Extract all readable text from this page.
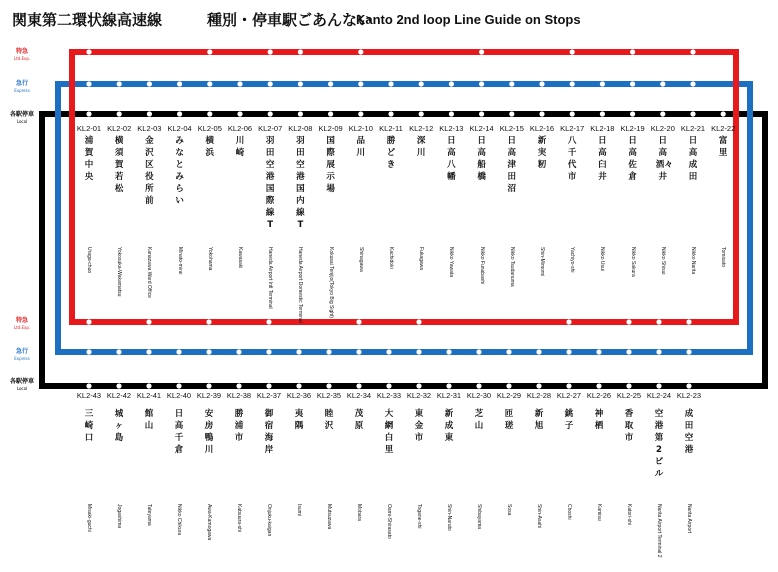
関東第二環状線高速線	種別・停車駅ごあんない
Kanto 2nd loop Line Guide on Stops
特急
Ltd.Exp.
急行
Express
各駅停車
Local
特急
Ltd.Exp.
急行
Express
各駅停車
Local
KL2-01
浦賀中央
Uraga-chuo
KL2-02
横須賀若松
Yokosuka-Wakamatsu
KL2-03
金沢区役所前
Kanazawa Ward Office
KL2-04
みなとみらい
Minato-mirai
KL2-05
横浜
Yokohama
KL2-06
川崎
Kawasaki
KL2-07
羽田空港国際線T
Haneda Airport Intl Terminal
KL2-08
羽田空港国内線T
Haneda Airport Domestic Terminal
KL2-09
国際展示場
Kokusai Tenjijo(Tokyo Big Sight)
KL2-10
品川
Shinagawa
KL2-11
勝どき
Kachidoki
KL2-12
深川
Fukagawa
KL2-13
日高八幡
Nikko Yawata
KL2-14
日高船橋
Nikko Funabashi
KL2-15
日高津田沼
Nikko Tsudanuma
KL2-16
新実籾
Shin-Mimomi
KL2-17
八千代市
Yachiyo-shi
KL2-18
日高臼井
Nikko Usui
KL2-19
日高佐倉
Nikko Sakura
KL2-20
日高酒々井
Nikko Shisui
KL2-21
日高成田
Nikko Narita
KL2-22
富里
Tomisato
KL2-43
三崎口
Misaki-guchi
KL2-42
城ヶ島
Jogashima
KL2-41
館山
Tateyama
KL2-40
日高千倉
Nikko Chikura
KL2-39
安房鴨川
Awa-Kamogawa
KL2-38
勝浦市
Katsuura-shi
KL2-37
御宿海岸
Onjuku-kaigan
KL2-36
夷隅
Isumi
KL2-35
睦沢
Mutsuzawa
KL2-34
茂原
Mobara
KL2-33
大網白里
Oami-Shirasato
KL2-32
東金市
Togane-shi
KL2-31
新成東
Shin-Naruto
KL2-30
芝山
Shibayama
KL2-29
匝瑳
Sosa
KL2-28
新旭
Shin-Asahi
KL2-27
銚子
Choshi
KL2-26
神栖
Kamisu
KL2-25
香取市
Katori-shi
KL2-24
空港第2ビル
Narita Airport Terminal 2
KL2-23
成田空港
Narita Airport
